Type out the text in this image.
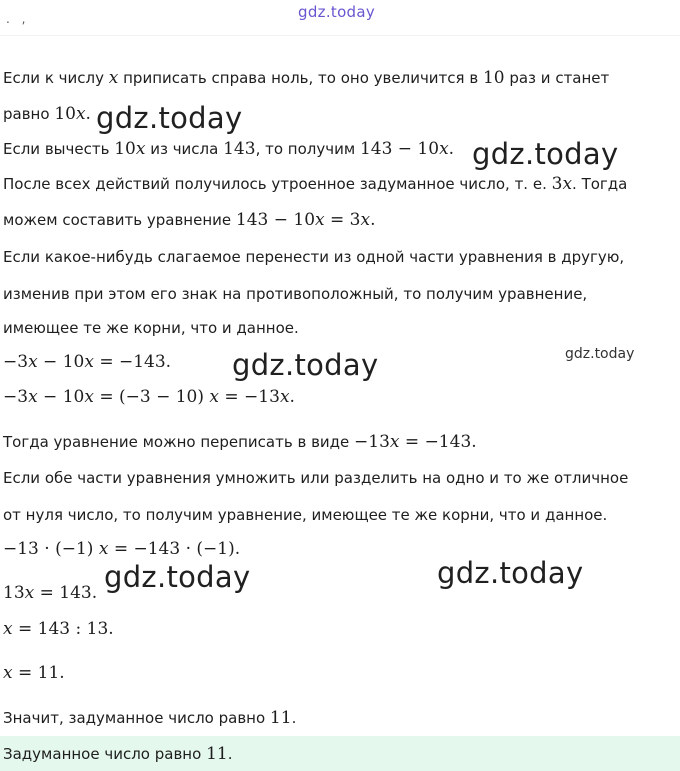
. ,	gdz.today
Если к числу x приписать справа ноль, то оно увеличится в 10 раз и станет
равно 10x. gdz.today
Если вычесть 10x из числа 143, то получим 143 − 10x. gdz.today
После всех действий получилось утроенное задуманное число, т. е. 3x. Тогда
можем составить уравнение 143 − 10x = 3x.
Если какое-нибудь слагаемое перенести из одной части уравнения в другую,
изменив при этом его знак на противоположный, то получим уравнение,
имеющее те же корни, что и данное.
−3x − 10x = −143. gdz.today	gdz.today
−3x − 10x = (−3 − 10) x = −13x.
Тогда уравнение можно переписать в виде −13x = −143.
Если обе части уравнения умножить или разделить на одно и то же отличное
от нуля число, то получим уравнение, имеющее те же корни, что и данное.
−13 · (−1) x = −143 · (−1).
13x = 143. gdz.today	gdz.today
x = 143 : 13.
x = 11.
Значит, задуманное число равно 11.
Задуманное число равно 11.
